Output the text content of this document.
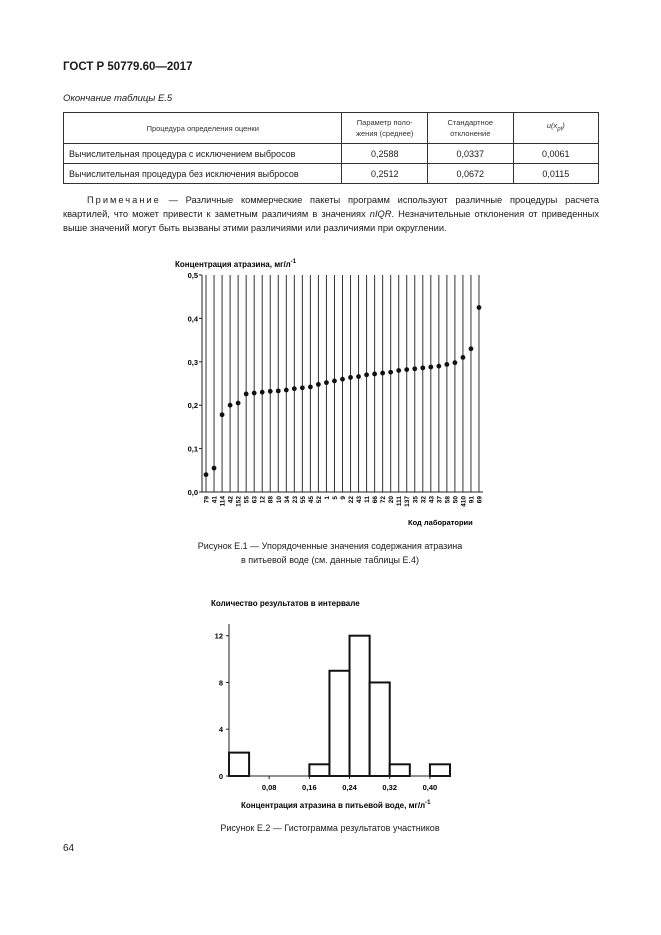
ГОСТ Р 50779.60—2017
Окончание таблицы Е.5
Процедура определения оценки	Параметр поло-жения (среднее)	Стандартное отклонение	$u(x_{pt})$
Вычислительная процедура с исключением выбросов	0,2588	0,0337	0,0061
Вычислительная процедура без исключения выбросов	0,2512	0,0672	0,0115
Примечание — Различные коммерческие пакеты программ используют различные процедуры расчета квартилей, что может привести к заметным различиям в значениях nIQR. Незначительные отклонения от приведенных выше значений могут быть вызваны этими различиями или различиями при округлении.
Концентрация атразина, $мг/л^{-1}$
0,0
0,1
0,2
0,3
0,4
0,5
79 41 114 42 152 55 63 12 88 10 34 23 55 45 52 1 5 9 22 43 11 66 72 20 111 137 35 32 43 37 58 50 410 91 69
Код лаборатории
Рисунок Е.1 — Упорядоченные значения содержания атразина
в питьевой воде (см. данные таблицы Е.4)
Количество результатов в интервале
0
4
8
12
0,08	0,16	0,24	0,32	0,40
Концентрация атразина в питьевой воде, $мг/л^{-1}$
Рисунок Е.2 — Гистограмма результатов участников
64
